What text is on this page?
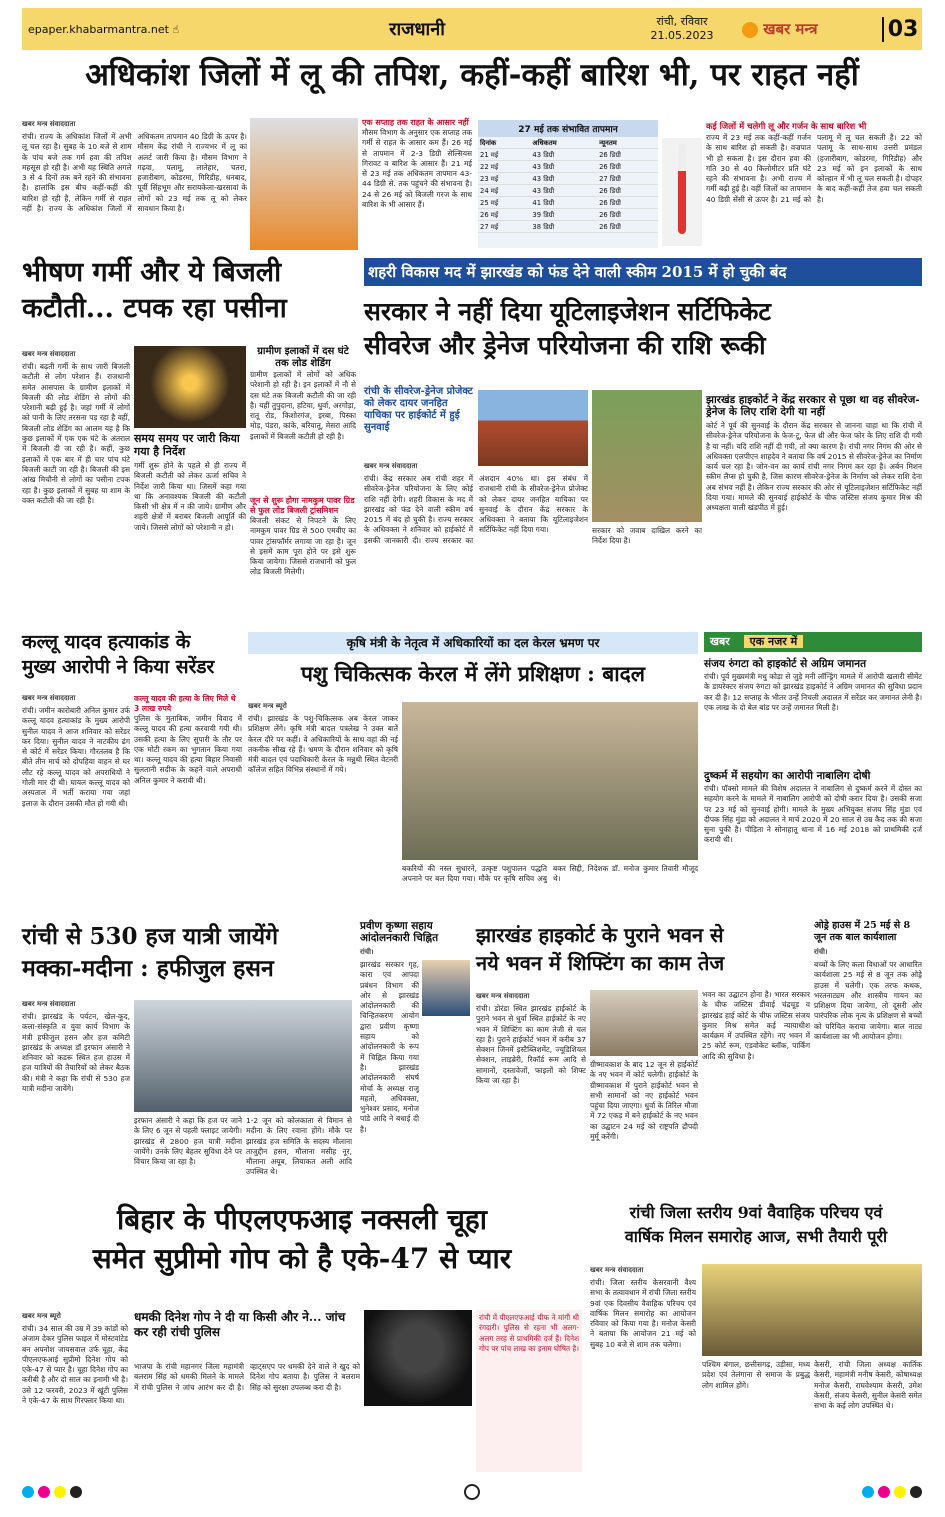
epaper.khabarmantra.net ☝	राजधानी	रांची, रविवार
21.05.2023	खबर मन्त्र	03
अधिकांश जिलों में लू की तपिश, कहीं-कहीं बारिश भी, पर राहत नहीं
खबर मन्त्र संवाददाता
रांची। राज्य के अधिकांश जिलों में अभी लू चल रहा है। सुबह के 10 बजे से शाम के पांच बजे तक गर्म हवा की तपिश महसूस हो रही है। अभी यह स्थिति अगले 3 से 4 दिनों तक बने रहने की संभावना है। हालांकि इस बीच कहीं-कहीं की बारिश हो रही है, लेकिन गर्मी से राहत नहीं है। राज्य के अधिकांश जिलों में अधिकतम तापमान 40 डिग्री के ऊपर है। मौसम केंद्र रांची ने राज्यभर में लू का अलर्ट जारी किया है। मौसम विभाग ने गढ़वा, पलामू, लातेहार, चतरा, हजारीबाग, कोडरमा, गिरिडीह, धनबाद, पूर्वी सिंहभूम और सरायकेला-खरसावां के लोगों को 23 मई तक लू को लेकर सावधान किया है।
एक सप्ताह तक राहत के आसार नहीं
मौसम विभाग के अनुसार एक सप्ताह तक गर्मी से राहत के आसार कम हैं। 26 मई से तापमान में 2-3 डिग्री सेल्सियस गिरावट व बारिश के आसार हैं। 21 मई से 23 मई तक अधिकतम तापमान 43-44 डिग्री से. तक पहुंचने की संभावना है। 24 से 26 मई को बिजली गरज के साथ बारिश के भी आसार हैं।
27 मई तक संभावित तापमान
दिनांक	अधिकतम	न्यूनतम
21 मई	43 डिग्री	26 डिग्री
22 मई	43 डिग्री	26 डिग्री
23 मई	43 डिग्री	27 डिग्री
24 मई	43 डिग्री	26 डिग्री
25 मई	41 डिग्री	26 डिग्री
26 मई	39 डिग्री	26 डिग्री
27 मई	38 डिग्री	26 डिग्री
कई जिलों में चलेगी लू और गर्जन के साथ बारिश भी
राज्य में 23 मई तक कहीं-कहीं गर्जन के साथ बारिश हो सकती है। वज्रपात भी हो सकता है। इस दौरान हवा की गति 30 से 40 किलोमीटर प्रति घंटे रहने की संभावना है। अभी राज्य में गर्मी बढ़ी हुई है। वहीं जिलों का तापमान 40 डिग्री सेंसी से ऊपर है। 21 मई को पलामू में लू चल सकती है। 22 को पलामू के साथ-साथ उत्तरी प्रमंडल (हजारीबाग, कोडरमा, गिरिडीह) और 23 मई को इन इलाकों के साथ कोल्हान में भी लू चल सकती है। दोपहर के बाद कहीं-कहीं तेज हवा चल सकती है।
भीषण गर्मी और ये बिजली
कटौती... टपक रहा पसीना
खबर मन्त्र संवाददाता
रांची। बढ़ती गर्मी के साथ जारी बिजली कटौती से लोग परेशान हैं। राजधानी समेत आसपास के ग्रामीण इलाकों में बिजली की लोड शेडिंग से लोगों की परेशानी बढ़ी हुई है। जहां गर्मी में लोगों को पानी के लिए तरसना पड़ रहा है वहीं, बिजली लोड शेडिंग का आलम यह है कि कुछ इलाकों में एक एक घंटे के अंतराल में बिजली दी जा रही है। कहीं, कुछ इलाकों में एक बार में ही चार पांच घंटे बिजली काटी जा रही है। बिजली की इस आंख मिचौनी से लोगों का पसीना टपक रहा है। कुछ इलाकों में सुबह या शाम के वक्त कटौती की जा रही है।
ग्रामीण इलाकों में दस घंटे तक लोड शेडिंग
ग्रामीण इलाकों में लोगों को अधिक परेशानी हो रही है। इन इलाकों में नौ से दस घंटे तक बिजली कटौती की जा रही है। यहीं तुपुदाना, हटिया, धुर्वा, अरगोड़ा, रातू रोड, किशोरगंज, इरबा, पिस्का मोड़, पंडरा, कांके, बरियातू, मेसरा आदि इलाकों में बिजली कटौती हो रही है।
समय समय पर जारी किया गया है निर्देश
गर्मी शुरू होने के पहले से ही राज्य में बिजली कटौती को लेकर ऊर्जा सचिव ने निर्देश जारी किया था। जिसमें कहा गया था कि अनावश्यक बिजली की कटौती किसी भी क्षेत्र में न की जाये। ग्रामीण और शहरी क्षेत्रों में बराबर बिजली आपूर्ति की जाये। जिससे लोगों को परेशानी न हो।
जून से शुरू होगा नामकुम पावर ग्रिड से फुल लोड बिजली ट्रांसमिशन
बिजली संकट से निपटने के लिए नामकुम पावर ग्रिड से 500 एमवीए का पावर ट्रांसफॉर्मर लगाया जा रहा है। जून से इसमें काम पूरा होने पर इसे शुरू किया जायेगा। जिससे राजधानी को फुल लोड बिजली मिलेगी।
शहरी विकास मद में झारखंड को फंड देने वाली स्कीम 2015 में हो चुकी बंद
सरकार ने नहीं दिया यूटिलाइजेशन सर्टिफिकेट
सीवरेज और ड्रेनेज परियोजना की राशि रूकी
रांची के सीवरेज-ड्रेनेज प्रोजेक्ट को लेकर दायर जनहित याचिका पर हाईकोर्ट में हुई सुनवाई
खबर मन्त्र संवाददाता
रांची। केंद्र सरकार अब रांची शहर में सीवरेज-ड्रेनेज परियोजना के लिए कोई राशि नहीं देगी। शहरी विकास के मद में झारखंड को फंड देने वाली स्कीम वर्ष 2015 में बंद हो चुकी है। राज्य सरकार के अधिवक्ता ने शनिवार को हाईकोर्ट में इसकी जानकारी दी। राज्य सरकार का अंशदान 40% था। इस संबंध में राजधानी रांची के सीवरेज-ड्रेनेज प्रोजेक्ट को लेकर दायर जनहित याचिका पर सुनवाई के दौरान केंद्र सरकार के अधिवक्ता ने बताया कि यूटिलाइजेशन सर्टिफिकेट नहीं दिया गया।	सरकार को जवाब दाखिल करने का निर्देश दिया है।
झारखंड हाइकोर्ट ने केंद्र सरकार से पूछा था वह सीवरेज-ड्रेनेज के लिए राशि देगी या नहीं
कोर्ट ने पूर्व की सुनवाई के दौरान केंद्र सरकार से जानना चाहा था कि रांची में सीवरेज-ड्रेनेज परियोजना के फेज-टू, फेज थ्री और फेज फोर के लिए राशि दी गयी है या नहीं। यदि राशि नहीं दी गयी, तो क्या कारण है। रांची नगर निगम की ओर से अधिवक्ता एलपीएन शाहदेव ने बताया कि वर्ष 2015 से सीवरेज-ड्रेनेज का निर्माण कार्य चल रहा है। जोन-वन का कार्य रांची नगर निगम कर रहा है। अर्बन मिशन स्कीम लैप्स हो चुकी है, जिस कारण सीवरेज-ड्रेनेज के निर्माण को लेकर राशि देना अब संभव नहीं है। लेकिन राज्य सरकार की ओर से यूटिलाइजेशन सर्टिफिकेट नहीं दिया गया। मामले की सुनवाई हाईकोर्ट के चीफ जस्टिस संजय कुमार मिश्र की अध्यक्षता वाली खंडपीठ में हुई।
कल्लू यादव हत्याकांड के
मुख्य आरोपी ने किया सरेंडर
खबर मन्त्र संवाददाता
रांची। जमीन कारोबारी अनिल कुमार उर्फ कल्लू यादव हत्याकांड के मुख्य आरोपी सुनील यादव ने आज शनिवार को सरेंडर कर दिया। सुनील यादव ने नाटकीय ढंग से कोर्ट में सरेंडर किया। गौरतलब है कि बीते तीन मार्च को दोपहिया वाहन से घर लौट रहे कल्लू यादव को अपराधियों ने गोली मार दी थी। घायल कल्लू यादव को अस्पताल में भर्ती कराया गया जहां इलाज के दौरान उसकी मौत हो गयी थी।
कल्लू यादव की हत्या के लिए मिले थे 3 लाख रुपये
पुलिस के मुताबिक, जमीन विवाद में कल्लू यादव की हत्या करवायी गयी थी। उसकी हत्या के लिए सुपारी के तौर पर एक मोटी रकम का भुगतान किया गया था। कल्लू यादव की हत्या बिहार निवासी सुलतानी सदीक के कहने वाले अपराधी अनिल कुमार ने करायी थी।
कृषि मंत्री के नेतृत्व में अधिकारियों का दल केरल भ्रमण पर
पशु चिकित्सक केरल में लेंगे प्रशिक्षण : बादल
खबर मन्त्र ब्यूरो
रांची। झारखंड के पशु-चिकित्सक अब केरल जाकर प्रशिक्षण लेंगे। कृषि मंत्री बादल पत्रलेख ने उक्त बातें केरल दौरे पर कहीं। वे अधिकारियों के साथ वहां की नई तकनीक सीख रहे हैं। भ्रमण के दौरान शनिवार को कृषि मंत्री बादल एवं पदाधिकारी केरल के मन्नुथी स्थित वेटनरी कॉलेज सहित विभिन्न संस्थानों में गये।
बकरियों की नस्ल सुधारने, उत्कृष्ट पशुपालन पद्धति अपनाने पर बल दिया गया। मौके पर कृषि सचिव अबु बकर सिद्दी, निदेशक डॉ. मनोज कुमार तिवारी मौजूद थे।
खबर एक नजर में
संजय रुंगटा को हाइकोर्ट से अग्रिम जमानत
रांची। पूर्व मुख्यमंत्री मधु कोड़ा से जुड़े मनी लॉन्ड्रिंग मामले में आरोपी खलारी सीमेंट के डायरेक्टर संजय रुंगटा को झारखंड हाइकोर्ट ने अग्रिम जमानत की सुविधा प्रदान कर दी है। 12 सप्ताह के भीतर उन्हें निचली अदालत में सरेंडर कर जमानत लेनी है। एक लाख के दो बेल बांड पर उन्हें जमानत मिली है।
दुष्कर्म में सहयोग का आरोपी नाबालिग दोषी
रांची। पॉक्सो मामले की विशेष अदालत ने नाबालिग से दुष्कर्म करने में दोस्त का सहयोग करने के मामले में नाबालिग आरोपी को दोषी करार दिया है। उसकी सजा पर 23 मई को सुनवाई होगी। मामले के मुख्य अभियुक्त संजय सिंह मुंडा एवं दीपक सिंह मुंडा को अदालत ने मार्च 2020 में 20 साल से उम्र कैद तक की सजा सुना चुकी है। पीड़िता ने सोनाहातू थाना में 16 मई 2018 को प्राथमिकी दर्ज करायी थी।
रांची से 530 हज यात्री जायेंगे
मक्का-मदीना : हफीजुल हसन
खबर मन्त्र संवाददाता
रांची। झारखंड के पर्यटन, खेल-कूद, कला-संस्कृति व युवा कार्य विभाग के मंत्री हफीजुल हसन और हज कमिटी झारखंड के अध्यक्ष डॉ इरफान अंसारी ने शनिवार को कडरू स्थित हज हाउस में हज यात्रियों की तैयारियों को लेकर बैठक की। मंत्री ने कहा कि रांची से 530 हज यात्री मदीना जायेंगे।
इरफान अंसारी ने कहा कि हज पर जाने के लिए 6 जून से पहली फ्लाइट जायेगी। झारखंड से 2800 हज यात्री मदीना जायेंगे। उनके लिए बेहतर सुविधा देने पर विचार किया जा रहा है।
1-2 जून को कोलकाता से विमान से मदीना के लिए रवाना होंगे। मौके पर झारखंड हज समिति के सदस्य मौलाना ताजुद्दीन हसन, मौलाना मसीह नूर, मौलाना अयूब, लियाकत अली आदि उपस्थित थे।
प्रवीण कृष्णा सहाय आंदोलनकारी चिह्नित
रांची।
झारखंड सरकार गृह, कारा एवं आपदा प्रबंधन विभाग की ओर से झारखंड आंदोलनकारी की चिन्हितकरण आयोग द्वारा प्रवीण कृष्णा सहाय को आंदोलनकारी के रूप में चिह्नित किया गया है। झारखंड आंदोलनकारी संघर्ष मोर्चा के अध्यक्ष राजू महतो, अधिवक्ता, भुनेश्वर प्रसाद, मनोज पांडे आदि ने बधाई दी है।
झारखंड हाइकोर्ट के पुराने भवन से
नये भवन में शिफ्टिंग का काम तेज
खबर मन्त्र संवाददाता
रांची। डोरंडा स्थित झारखंड हाईकोर्ट के पुराने भवन से धुर्वा स्थित हाईकोर्ट के नए भवन में शिफ्टिंग का काम तेजी से चल रहा है। पुराने हाईकोर्ट भवन में करीब 37 सेक्शन जिनमें इस्टैब्लिशमेंट, ज्यूडिशियल सेक्शन, लाइब्रेरी, रिकॉर्ड रूम आदि से सामानों, दस्तावेजों, फाइलों को शिफ्ट किया जा रहा है।
ग्रीष्मावकाश के बाद 12 जून से हाईकोर्ट के नए भवन में कोर्ट चलेगी। हाईकोर्ट के ग्रीष्मावकाश में पुराने हाईकोर्ट भवन से सभी सामानों को नए हाईकोर्ट भवन पहुंचा दिया जाएगा। धुर्वा के तिरिल मौजा में 72 एकड़ में बने हाईकोर्ट के नए भवन का उद्घाटन 24 मई को राष्ट्रपति द्रौपदी मुर्मू करेंगी।
भवन का उद्घाटन होना है। भारत सरकार के चीफ जस्टिस डीवाई चंद्रचूड़ व झारखंड हाई कोर्ट के चीफ जस्टिस संजय कुमार मिश्र समेत कई न्यायाधीश कार्यक्रम में उपस्थित रहेंगे। नए भवन में 25 कोर्ट रूम, एडवोकेट ब्लॉक, पार्किंग आदि की सुविधा है।
ओड्रे हाउस में 25 मई से 8 जून तक बाल कार्यशाला
रांची।
बच्चों के लिए कला विधाओं पर आधारित कार्यशाला 25 मई से 8 जून तक ओड्रे हाउस में चलेगी। एक तरफ कथक, भरतनाट्यम और शास्त्रीय गायन का प्रशिक्षण दिया जायेगा, तो दूसरी ओर पारंपरिक लोक नृत्य के प्रशिक्षण से बच्चों को परिचित कराया जायेगा। बाल नाट्य कार्यशाला का भी आयोजन होगा।
बिहार के पीएलएफआइ नक्सली चूहा
समेत सुप्रीमो गोप को है एके-47 से प्यार
खबर मन्त्र ब्यूरो
रांची। 34 साल की उम्र में 39 कांडों को अंजाम देकर पुलिस फाइल में मोस्टवांटेड बन अपनोश जायसवाल उर्फ चूहा, केंद्र पीएलएफआई सुप्रीमो दिनेश गोप को एके-47 से प्यार है। चूहा दिनेश गोप का करीबी है और दो साल का इनामी भी है। उसे 12 फरवरी, 2023 में खूंटी पुलिस ने एके-47 के साथ गिरफ्तार किया था।
धमकी दिनेश गोप ने दी या किसी और ने... जांच कर रही रांची पुलिस
भाजपा के रांची महानगर जिला महामंत्री बलराम सिंह को धमकी मिलने के मामले में रांची पुलिस ने जांच आरंभ कर दी है। व्हाट्सएप पर धमकी देने वाले ने खुद को दिनेश गोप बताया है। पुलिस ने बलराम सिंह को सुरक्षा उपलब्ध करा दी है।
रांची में पीएलएफआई चीफ ने मांगी थी रंगदारी। पुलिस से रहना भी अलग-अलग तरह से प्राथमिकी दर्ज हैं। दिनेश गोप पर पांच लाख का इनाम घोषित है।
रांची जिला स्तरीय 9वां वैवाहिक परिचय एवं
वार्षिक मिलन समारोह आज, सभी तैयारी पूरी
खबर मन्त्र संवाददाता
रांची। जिला स्तरीय केसरवानी वैश्य सभा के तत्वावधान में रांची जिला स्तरीय 9वां एक दिवसीय वैवाहिक परिचय एवं वार्षिक मिलन समारोह का आयोजन रविवार को किया गया है। मनोज केसरी ने बताया कि आयोजन 21 मई को सुबह 10 बजे से शाम तक चलेगा।
पश्चिम बंगाल, छत्तीसगढ़, उड़ीसा, मध्य प्रदेश एवं तेलंगाना से समाज के प्रबुद्ध लोग शामिल होंगे।
केसरी, रांची जिला अध्यक्ष कार्तिक केसरी, महामंत्री मनीष केसरी, कोषाध्यक्ष मनोज केसरी, राघवेश्याम केसरी, उमेश केसरी, संजय केसरी, सुनील केसरी समेत सभा के कई लोग उपस्थित थे।
